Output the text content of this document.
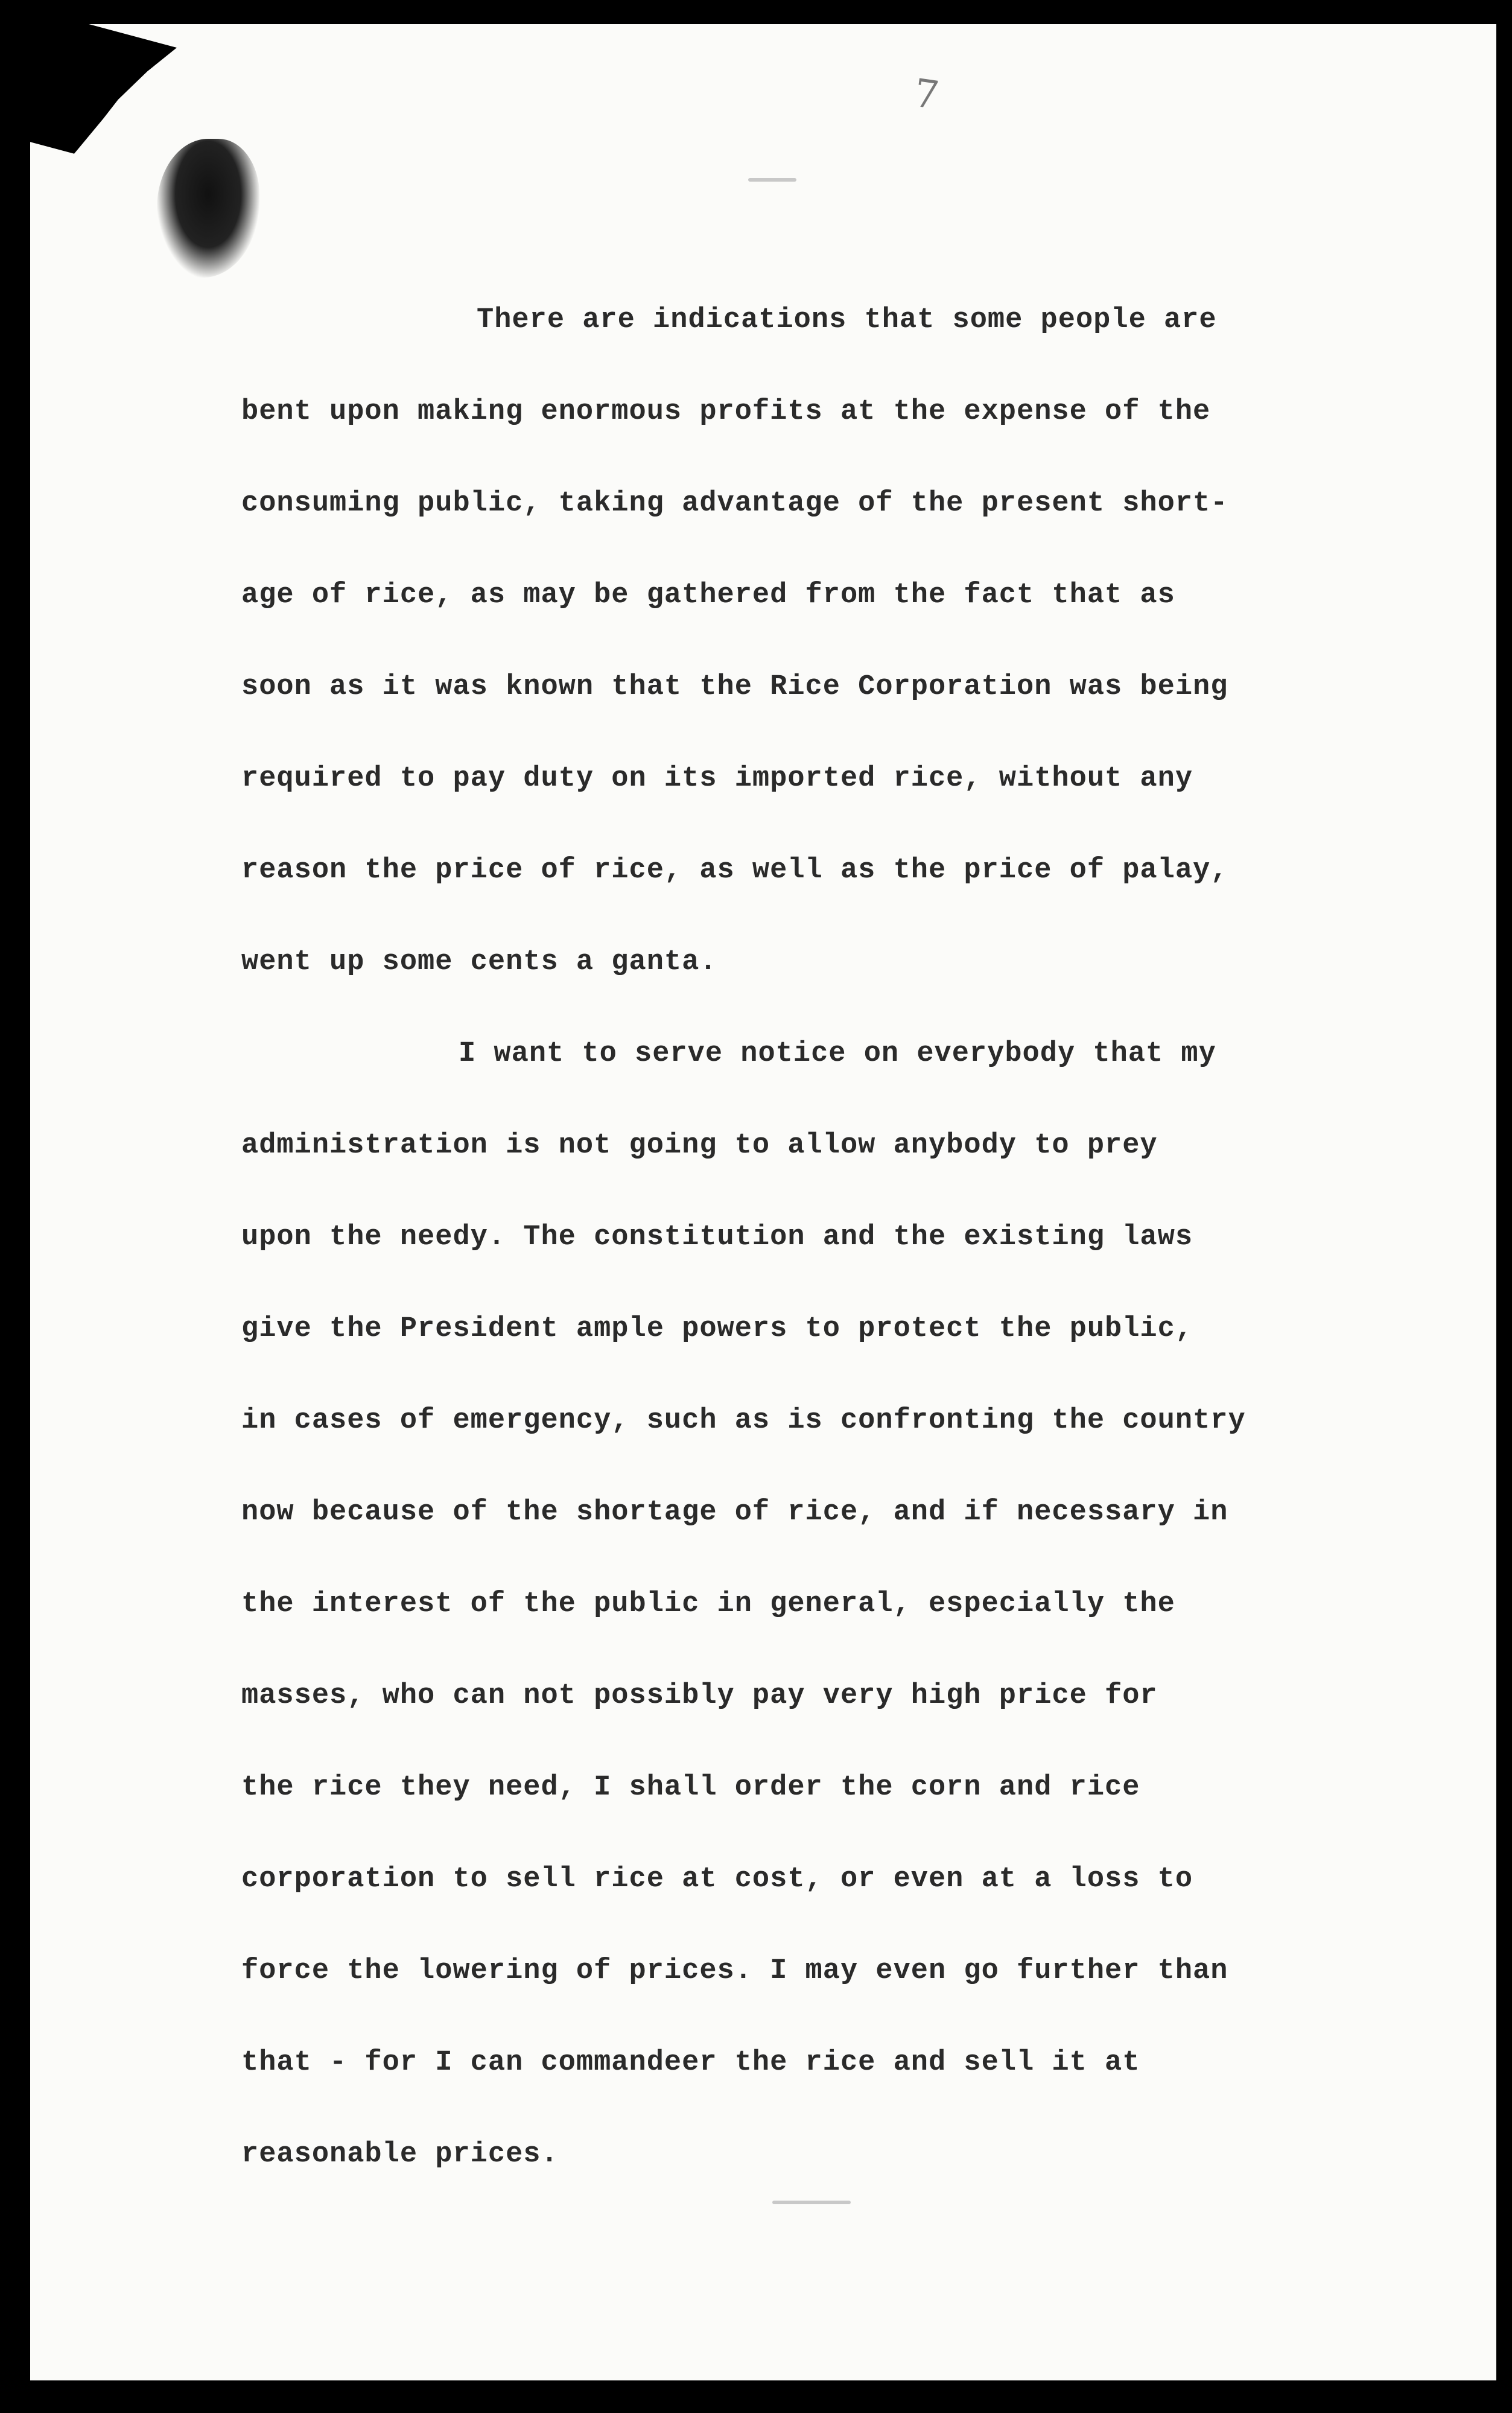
7

There are indications that some people are
bent upon making enormous profits at the expense of the
consuming public, taking advantage of the present short-
age of rice, as may be gathered from the fact that as
soon as it was known that the Rice Corporation was being
required to pay duty on its imported rice, without any
reason the price of rice, as well as the price of palay,
went up some cents a ganta.
I want to serve notice on everybody that my
administration is not going to allow anybody to prey
upon the needy. The constitution and the existing laws
give the President ample powers to protect the public,
in cases of emergency, such as is confronting the country
now because of the shortage of rice, and if necessary in
the interest of the public in general, especially the
masses, who can not possibly pay very high price for
the rice they need, I shall order the corn and rice
corporation to sell rice at cost, or even at a loss to
force the lowering of prices. I may even go further than
that - for I can commandeer the rice and sell it at
reasonable prices.
